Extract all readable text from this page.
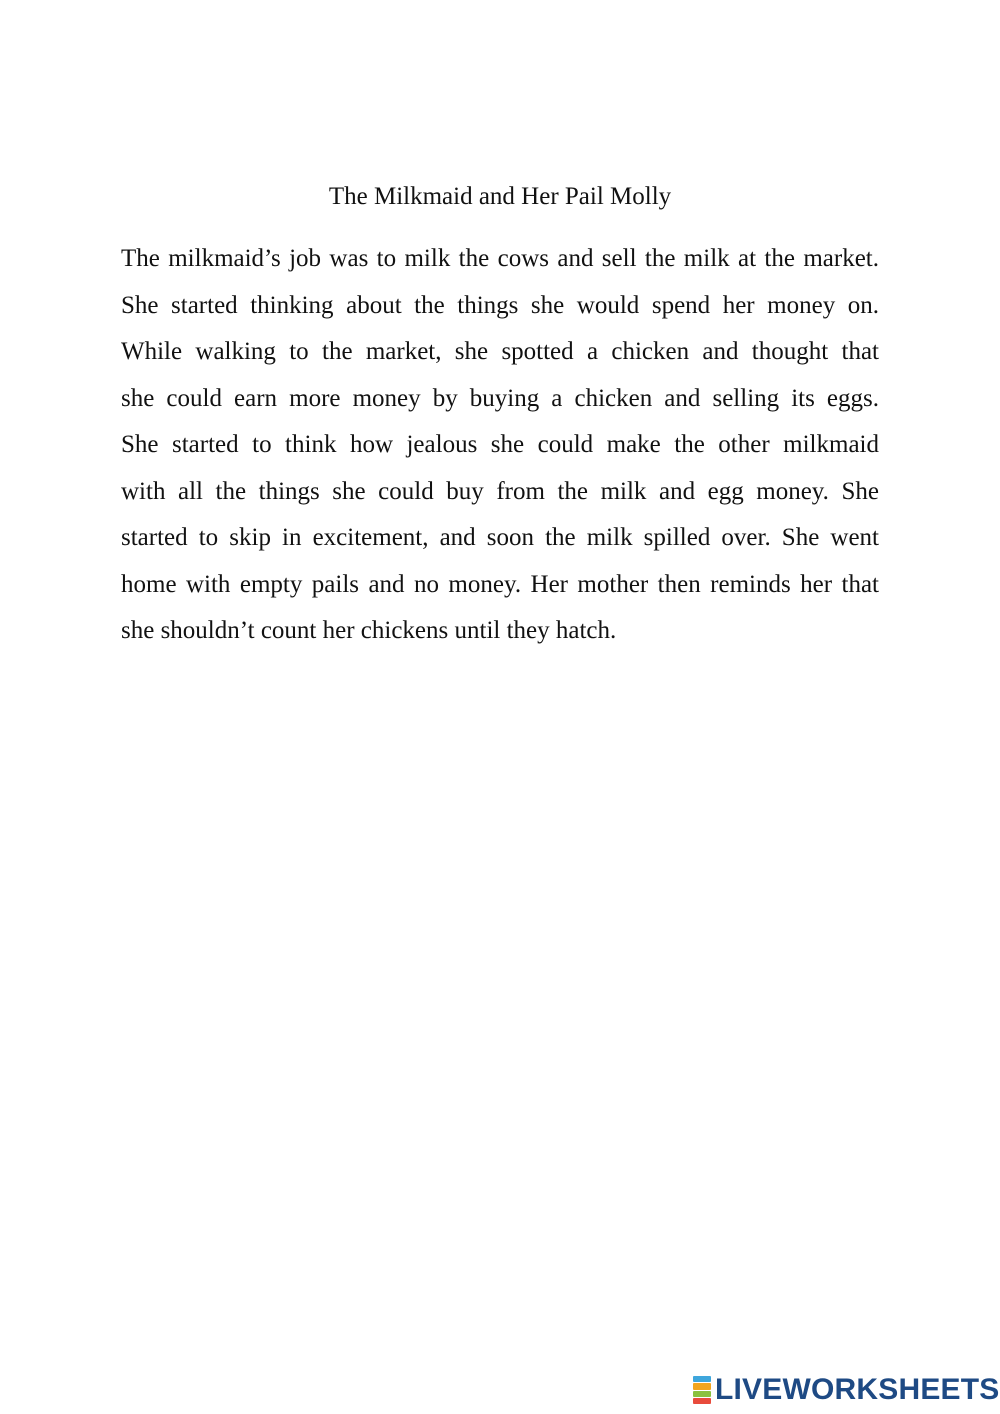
The Milkmaid and Her Pail Molly

The milkmaid’s job was to milk the cows and sell the milk at the market.
She started thinking about the things she would spend her money on.
While walking to the market, she spotted a chicken and thought that
she could earn more money by buying a chicken and selling its eggs.
She started to think how jealous she could make the other milkmaid
with all the things she could buy from the milk and egg money. She
started to skip in excitement, and soon the milk spilled over. She went
home with empty pails and no money. Her mother then reminds her that
she shouldn’t count her chickens until they hatch.

LIVEWORKSHEETS
